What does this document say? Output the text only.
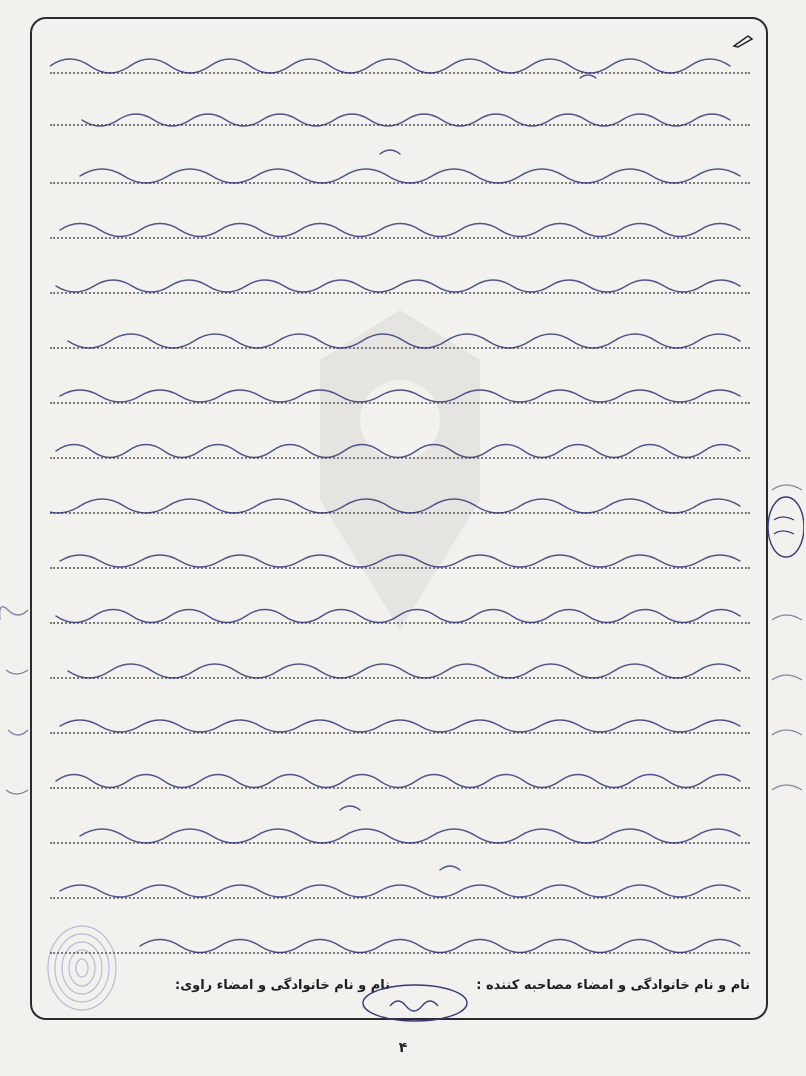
نام و نام خانوادگی و امضاء مصاحبه کننده :
نام و نام خانوادگی و امضاء راوی:
۴
